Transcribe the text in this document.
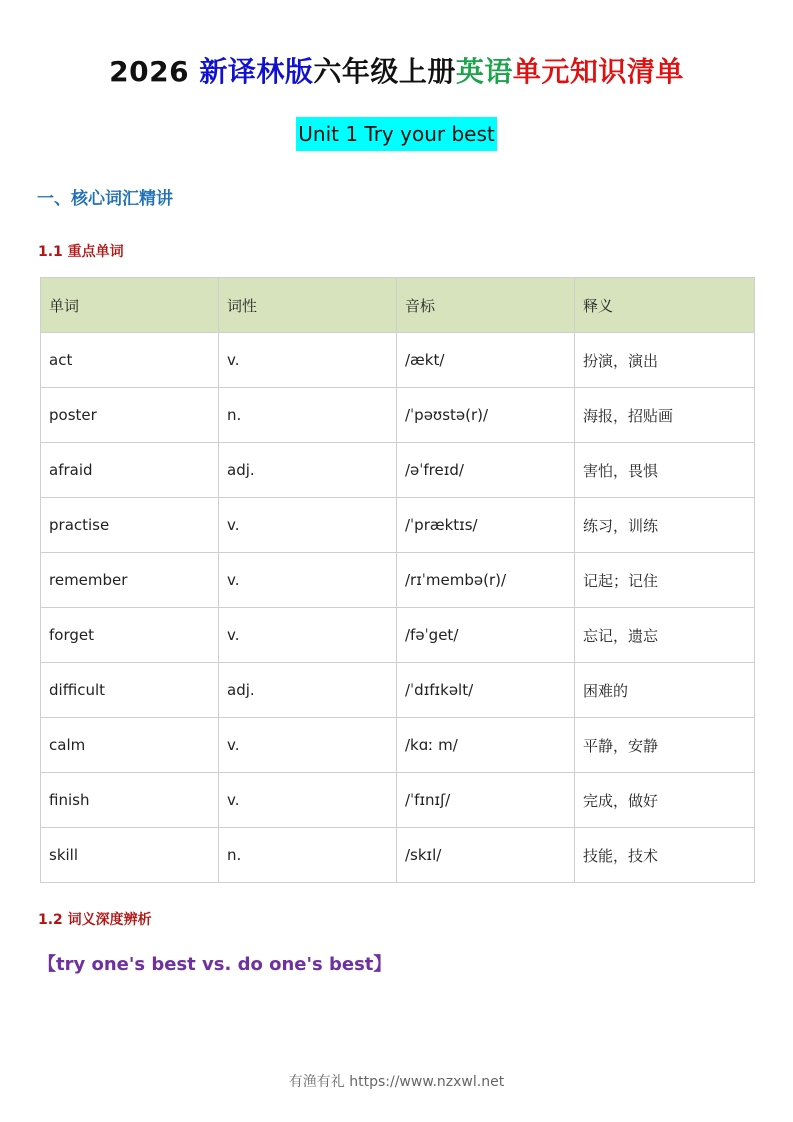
2026 新译林版六年级上册英语单元知识清单
Unit 1 Try your best
一、核心词汇精讲
1.1 重点单词
单词	词性	音标	释义
act	v.	/ækt/	扮演，演出
poster	n.	/ˈpəʊstə(r)/	海报，招贴画
afraid	adj.	/əˈfreɪd/	害怕，畏惧
practise	v.	/ˈpræktɪs/	练习，训练
remember	v.	/rɪˈmembə(r)/	记起；记住
forget	v.	/fəˈget/	忘记，遗忘
difficult	adj.	/ˈdɪfɪkəlt/	困难的
calm	v.	/kɑː m/	平静，安静
finish	v.	/ˈfɪnɪʃ/	完成，做好
skill	n.	/skɪl/	技能，技术
1.2 词义深度辨析
【try one's best vs. do one's best】
有渔有礼 https://www.nzxwl.net
